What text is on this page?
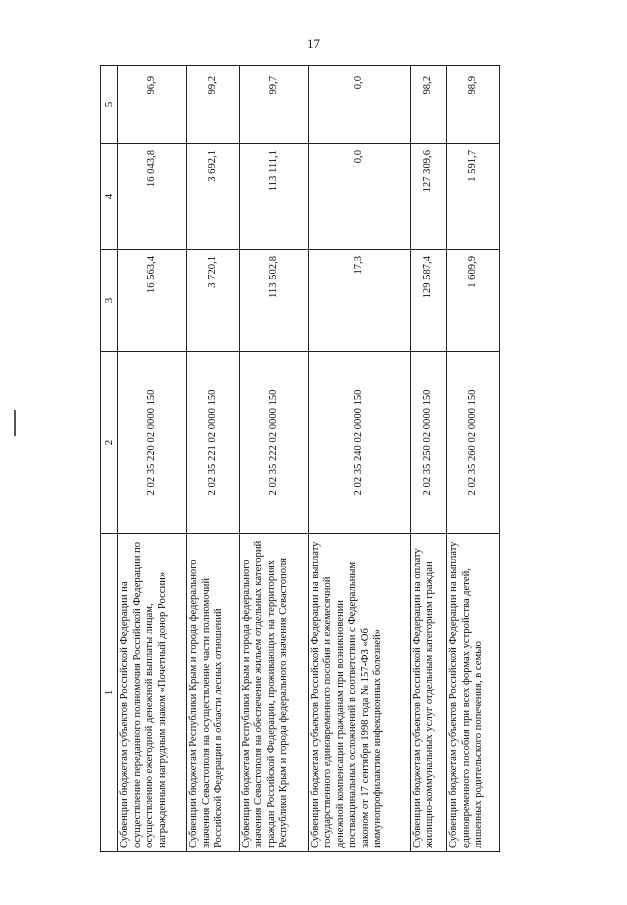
17
1	2	3	4	5
Субвенции бюджетам субъектов Российской Федерации на осуществление переданного полномочия Российской Федерации по осуществлению ежегодной денежной выплаты лицам, награжденным нагрудным знаком «Почетный донор России»	2 02 35 220 02 0000 150	16 563,4	16 043,8	96,9
Субвенции бюджетам Республики Крым и города федерального значения Севастополя на осуществление части полномочий Российской Федерации в области лесных отношений	2 02 35 221 02 0000 150	3 720,1	3 692,1	99,2
Субвенции бюджетам Республики Крым и города федерального значения Севастополя на обеспечение жильем отдельных категорий граждан Российской Федерации, проживающих на территориях Республики Крым и города федерального значения Севастополя	2 02 35 222 02 0000 150	113 502,8	113 111,1	99,7
Субвенции бюджетам субъектов Российской Федерации на выплату государственного единовременного пособия и ежемесячной денежной компенсации гражданам при возникновении поствакцинальных осложнений в соответствии с Федеральным законом от 17 сентября 1998 года № 157-ФЗ «Об иммунопрофилактике инфекционных болезней»	2 02 35 240 02 0000 150	17,3	0,0	0,0
Субвенции бюджетам субъектов Российской Федерации на оплату жилищно-коммунальных услуг отдельным категориям граждан	2 02 35 250 02 0000 150	129 587,4	127 309,6	98,2
Субвенции бюджетам субъектов Российской Федерации на выплату единовременного пособия при всех формах устройства детей, лишенных родительского попечения, в семью	2 02 35 260 02 0000 150	1 609,9	1 591,7	98,9
